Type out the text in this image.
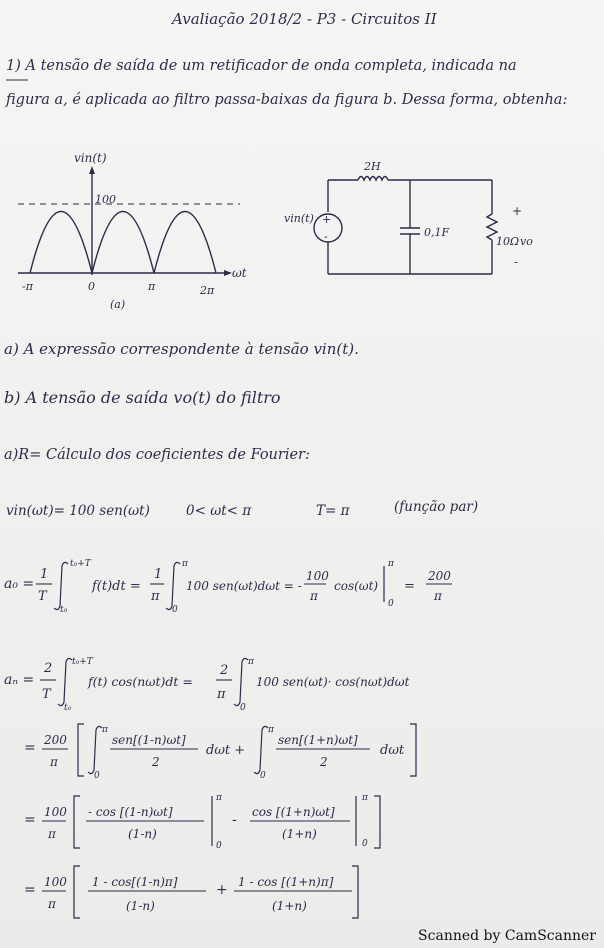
Avaliação 2018/2 - P3 - Circuitos II
1) A tensão de saída de um retificador de onda completa, indicada na
figura a, é aplicada ao filtro passa-baixas da figura b. Dessa forma, obtenha:
a) A expressão correspondente à tensão vin(t).
b) A tensão de saída vo(t) do filtro
a)R= Cálculo dos coeficientes de Fourier:
vin(ωt)= 100 sen(ωt)	0< ωt< π	T= π	(função par)
vin(t)
100
-π	0	π	2π
ωt
(a)
+
-
2H
vin(t)
0,1F
10Ω vo
+
-
a₀ =
1
T
t₀+T
t₀
f(t)dt =
1
π
π
0
100 sen(ωt)dωt = -
100
π
cos(ωt)
π
0
=
200
π
aₙ =
2
T
t₀+T
t₀
f(t) cos(nωt)dt =
2
π
π
0
100 sen(ωt)· cos(nωt)dωt
= 200
π
π
0
sen[(1-n)ωt]
2
dωt +
π
0
sen[(1+n)ωt]
2
dωt
= 100
π
- cos [(1-n)ωt]
(1-n)
π
0
- cos [(1+n)ωt]
(1+n)
π
0
= 100
π
1 - cos[(1-n)π]
(1-n)
+ 1 - cos [(1+n)π]
(1+n)
Scanned by CamScanner
